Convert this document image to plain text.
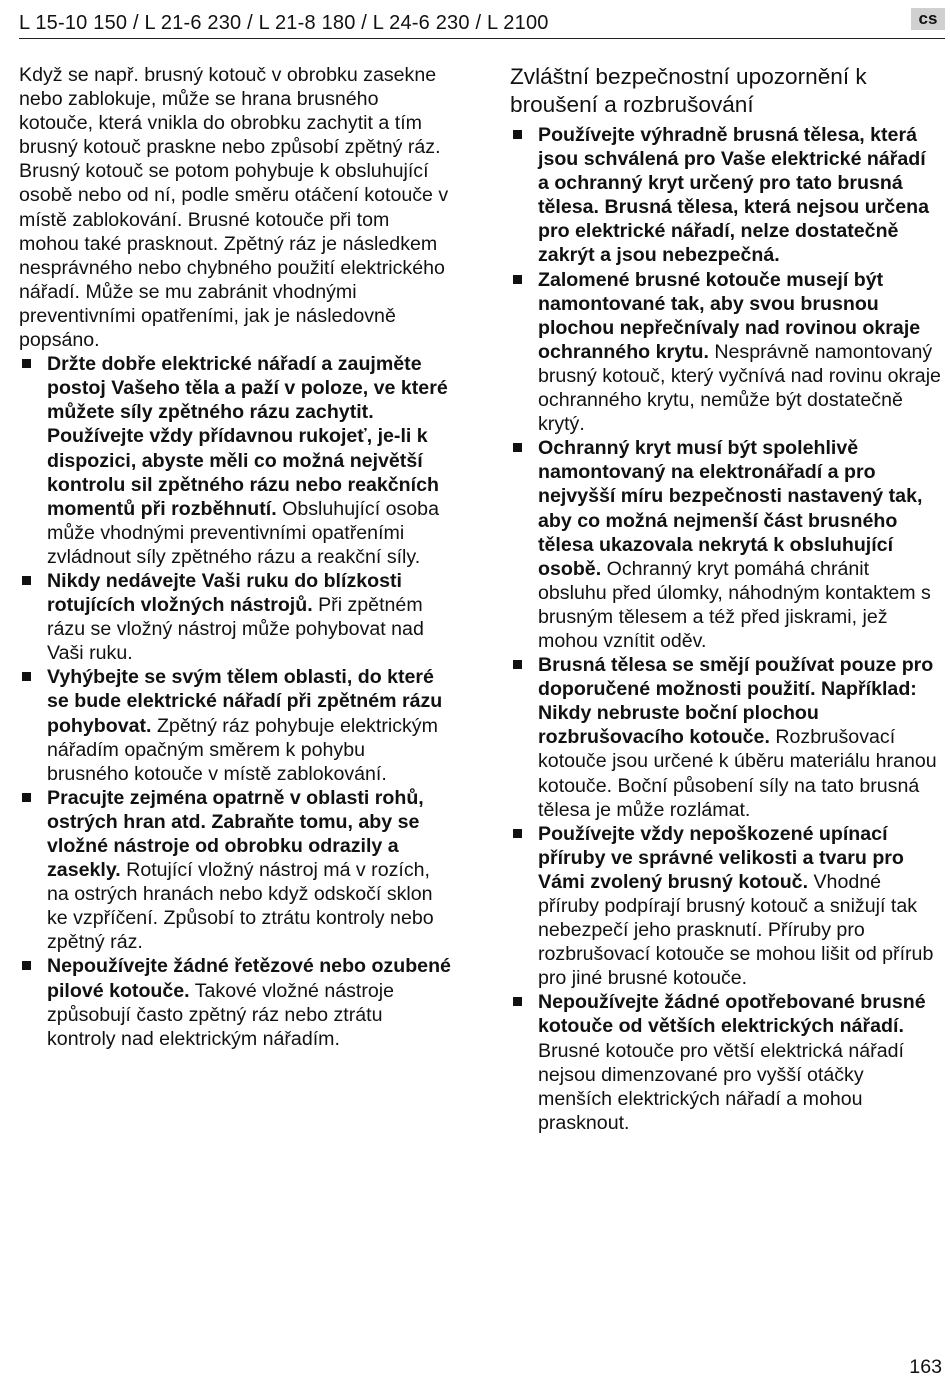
L 15-10 150 / L 21-6 230 / L 21-8 180 / L 24-6 230 / L 2100	cs

Když se např. brusný kotouč v obrobku zasekne nebo zablokuje, může se hrana brusného kotouče, která vnikla do obrobku zachytit a tím brusný kotouč praskne nebo způsobí zpětný ráz.

Brusný kotouč se potom pohybuje k obsluhující osobě nebo od ní, podle směru otáčení kotouče v místě zablokování. Brusné kotouče při tom mohou také prasknout. Zpětný ráz je následkem nesprávného nebo chybného použití elektrického nářadí. Může se mu zabránit vhodnými preventivními opatřeními, jak je následovně popsáno.

Držte dobře elektrické nářadí a zaujměte postoj Vašeho těla a paží v poloze, ve které můžete síly zpětného rázu zachytit. Používejte vždy přídavnou rukojeť, je-li k dispozici, abyste měli co možná největší kontrolu sil zpětného rázu nebo reakčních momentů při rozběhnutí. Obsluhující osoba může vhodnými preventivními opatřeními zvládnout síly zpětného rázu a reakční síly.
Nikdy nedávejte Vaši ruku do blízkosti rotujících vložných nástrojů. Při zpětném rázu se vložný nástroj může pohybovat nad Vaši ruku.
Vyhýbejte se svým tělem oblasti, do které se bude elektrické nářadí při zpětném rázu pohybovat. Zpětný ráz pohybuje elektrickým nářadím opačným směrem k pohybu brusného kotouče v místě zablokování.
Pracujte zejména opatrně v oblasti rohů, ostrých hran atd. Zabraňte tomu, aby se vložné nástroje od obrobku odrazily a zasekly. Rotující vložný nástroj má v rozích, na ostrých hranách nebo když odskočí sklon ke vzpříčení. Způsobí to ztrátu kontroly nebo zpětný ráz.
Nepoužívejte žádné řetězové nebo ozubené pilové kotouče. Takové vložné nástroje způsobují často zpětný ráz nebo ztrátu kontroly nad elektrickým nářadím.

Zvláštní bezpečnostní upozornění k broušení a rozbrušování

Používejte výhradně brusná tělesa, která jsou schválená pro Vaše elektrické nářadí a ochranný kryt určený pro tato brusná tělesa. Brusná tělesa, která nejsou určena pro elektrické nářadí, nelze dostatečně zakrýt a jsou nebezpečná.
Zalomené brusné kotouče musejí být namontované tak, aby svou brusnou plochou nepřečnívaly nad rovinou okraje ochranného krytu. Nesprávně namontovaný brusný kotouč, který vyčnívá nad rovinu okraje ochranného krytu, nemůže být dostatečně krytý.
Ochranný kryt musí být spolehlivě namontovaný na elektronářadí a pro nejvyšší míru bezpečnosti nastavený tak, aby co možná nejmenší část brusného tělesa ukazovala nekrytá k obsluhující osobě. Ochranný kryt pomáhá chránit obsluhu před úlomky, náhodným kontaktem s brusným tělesem a též před jiskrami, jež mohou vznítit oděv.
Brusná tělesa se smějí používat pouze pro doporučené možnosti použití. Například: Nikdy nebruste boční plochou rozbrušovacího kotouče. Rozbrušovací kotouče jsou určené k úběru materiálu hranou kotouče. Boční působení síly na tato brusná tělesa je může rozlámat.
Používejte vždy nepoškozené upínací příruby ve správné velikosti a tvaru pro Vámi zvolený brusný kotouč. Vhodné příruby podpírají brusný kotouč a snižují tak nebezpečí jeho prasknutí. Příruby pro rozbrušovací kotouče se mohou lišit od přírub pro jiné brusné kotouče.
Nepoužívejte žádné opotřebované brusné kotouče od větších elektrických nářadí. Brusné kotouče pro větší elektrická nářadí nejsou dimenzované pro vyšší otáčky menších elektrických nářadí a mohou prasknout.
163
